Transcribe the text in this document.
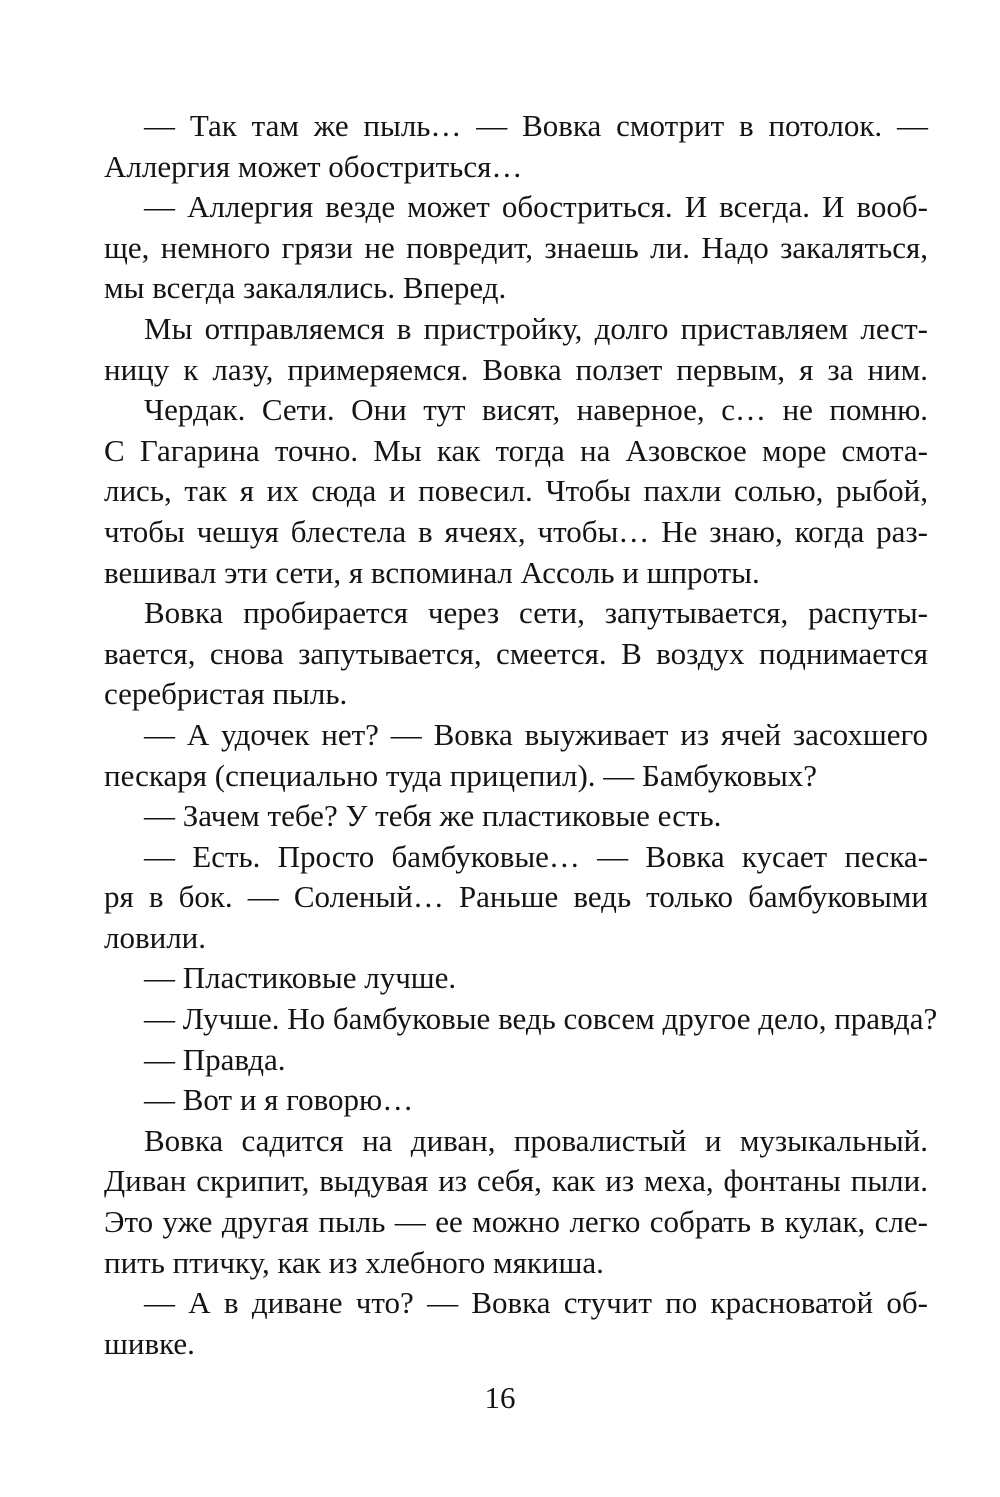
— Так там же пыль… — Вовка смотрит в потолок. —
Аллергия может обостриться…
— Аллергия везде может обостриться. И всегда. И вооб-
ще, немного грязи не повредит, знаешь ли. Надо закаляться,
мы всегда закалялись. Вперед.
Мы отправляемся в пристройку, долго приставляем лест-
ницу к лазу, примеряемся. Вовка ползет первым, я за ним.
Чердак. Сети. Они тут висят, наверное, с… не помню.
С Гагарина точно. Мы как тогда на Азовское море смота-
лись, так я их сюда и повесил. Чтобы пахли солью, рыбой,
чтобы чешуя блестела в ячеях, чтобы… Не знаю, когда раз-
вешивал эти сети, я вспоминал Ассоль и шпроты.
Вовка пробирается через сети, запутывается, распуты-
вается, снова запутывается, смеется. В воздух поднимается
серебристая пыль.
— А удочек нет? — Вовка выуживает из ячей засохшего
пескаря (специально туда прицепил). — Бамбуковых?
— Зачем тебе? У тебя же пластиковые есть.
— Есть. Просто бамбуковые… — Вовка кусает песка-
ря в бок. — Соленый… Раньше ведь только бамбуковыми
ловили.
— Пластиковые лучше.
— Лучше. Но бамбуковые ведь совсем другое дело, правда?
— Правда.
— Вот и я говорю…
Вовка садится на диван, провалистый и музыкальный.
Диван скрипит, выдувая из себя, как из меха, фонтаны пыли.
Это уже другая пыль — ее можно легко собрать в кулак, сле-
пить птичку, как из хлебного мякиша.
— А в диване что? — Вовка стучит по красноватой об-
шивке.
16
